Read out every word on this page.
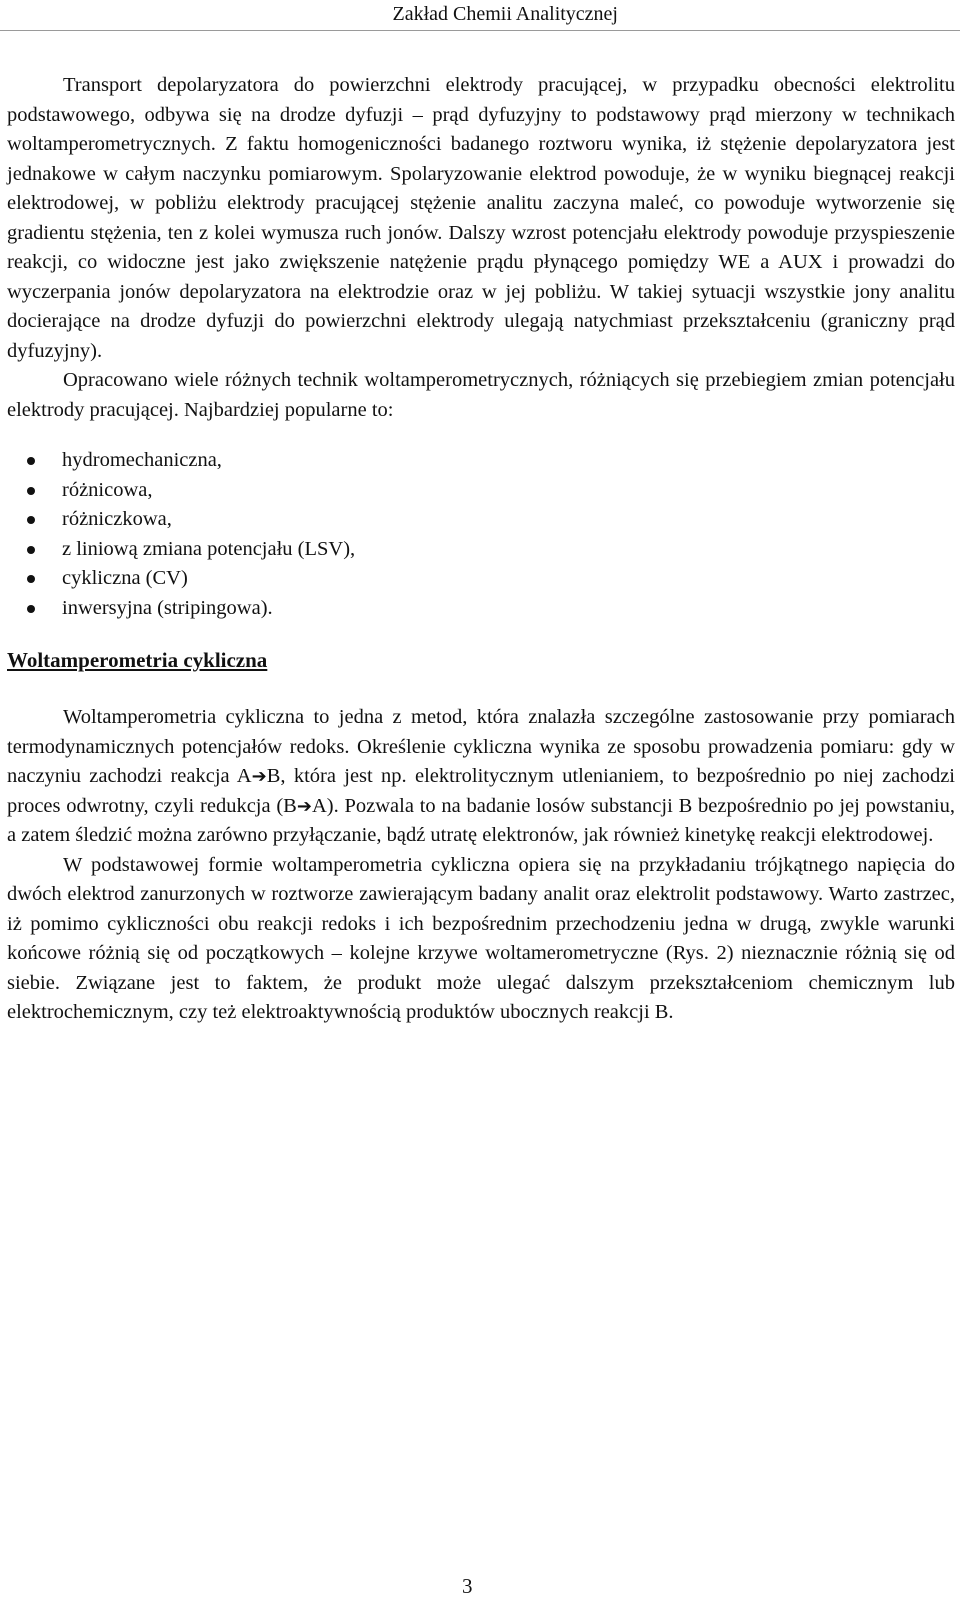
Zakład Chemii Analitycznej

Transport depolaryzatora do powierzchni elektrody pracującej, w przypadku obecności elektrolitu podstawowego, odbywa się na drodze dyfuzji – prąd dyfuzyjny to podstawowy prąd mierzony w technikach woltamperometrycznych. Z faktu homogeniczności badanego roztworu wynika, iż stężenie depolaryzatora jest jednakowe w całym naczynku pomiarowym. Spolaryzowanie elektrod powoduje, że w wyniku biegnącej reakcji elektrodowej, w pobliżu elektrody pracującej stężenie analitu zaczyna maleć, co powoduje wytworzenie się gradientu stężenia, ten z kolei wymusza ruch jonów. Dalszy wzrost potencjału elektrody powoduje przyspieszenie reakcji, co widoczne jest jako zwiększenie natężenie prądu płynącego pomiędzy WE a AUX i prowadzi do wyczerpania jonów depolaryzatora na elektrodzie oraz w jej pobliżu. W takiej sytuacji wszystkie jony analitu docierające na drodze dyfuzji do powierzchni elektrody ulegają natychmiast przekształceniu (graniczny prąd dyfuzyjny).

Opracowano wiele różnych technik woltamperometrycznych, różniących się przebiegiem zmian potencjału elektrody pracującej. Najbardziej popularne to:

hydromechaniczna,
różnicowa,
różniczkowa,
z liniową zmiana potencjału (LSV),
cykliczna (CV)
inwersyjna (stripingowa).
Woltamperometria cykliczna

Woltamperometria cykliczna to jedna z metod, która znalazła szczególne zastosowanie przy pomiarach termodynamicznych potencjałów redoks. Określenie cykliczna wynika ze sposobu prowadzenia pomiaru: gdy w naczyniu zachodzi reakcja A➔B, która jest np. elektrolitycznym utlenianiem, to bezpośrednio po niej zachodzi proces odwrotny, czyli redukcja (B➔A). Pozwala to na badanie losów substancji B bezpośrednio po jej powstaniu, a zatem śledzić można zarówno przyłączanie, bądź utratę elektronów, jak również kinetykę reakcji elektrodowej.

W podstawowej formie woltamperometria cykliczna opiera się na przykładaniu trójkątnego napięcia do dwóch elektrod zanurzonych w roztworze zawierającym badany analit oraz elektrolit podstawowy. Warto zastrzec, iż pomimo cykliczności obu reakcji redoks i ich bezpośrednim przechodzeniu jedna w drugą, zwykle warunki końcowe różnią się od początkowych – kolejne krzywe woltamerometryczne (Rys. 2) nieznacznie różnią się od siebie. Związane jest to faktem, że produkt może ulegać dalszym przekształceniom chemicznym lub elektrochemicznym, czy też elektroaktywnością produktów ubocznych reakcji B.

3
